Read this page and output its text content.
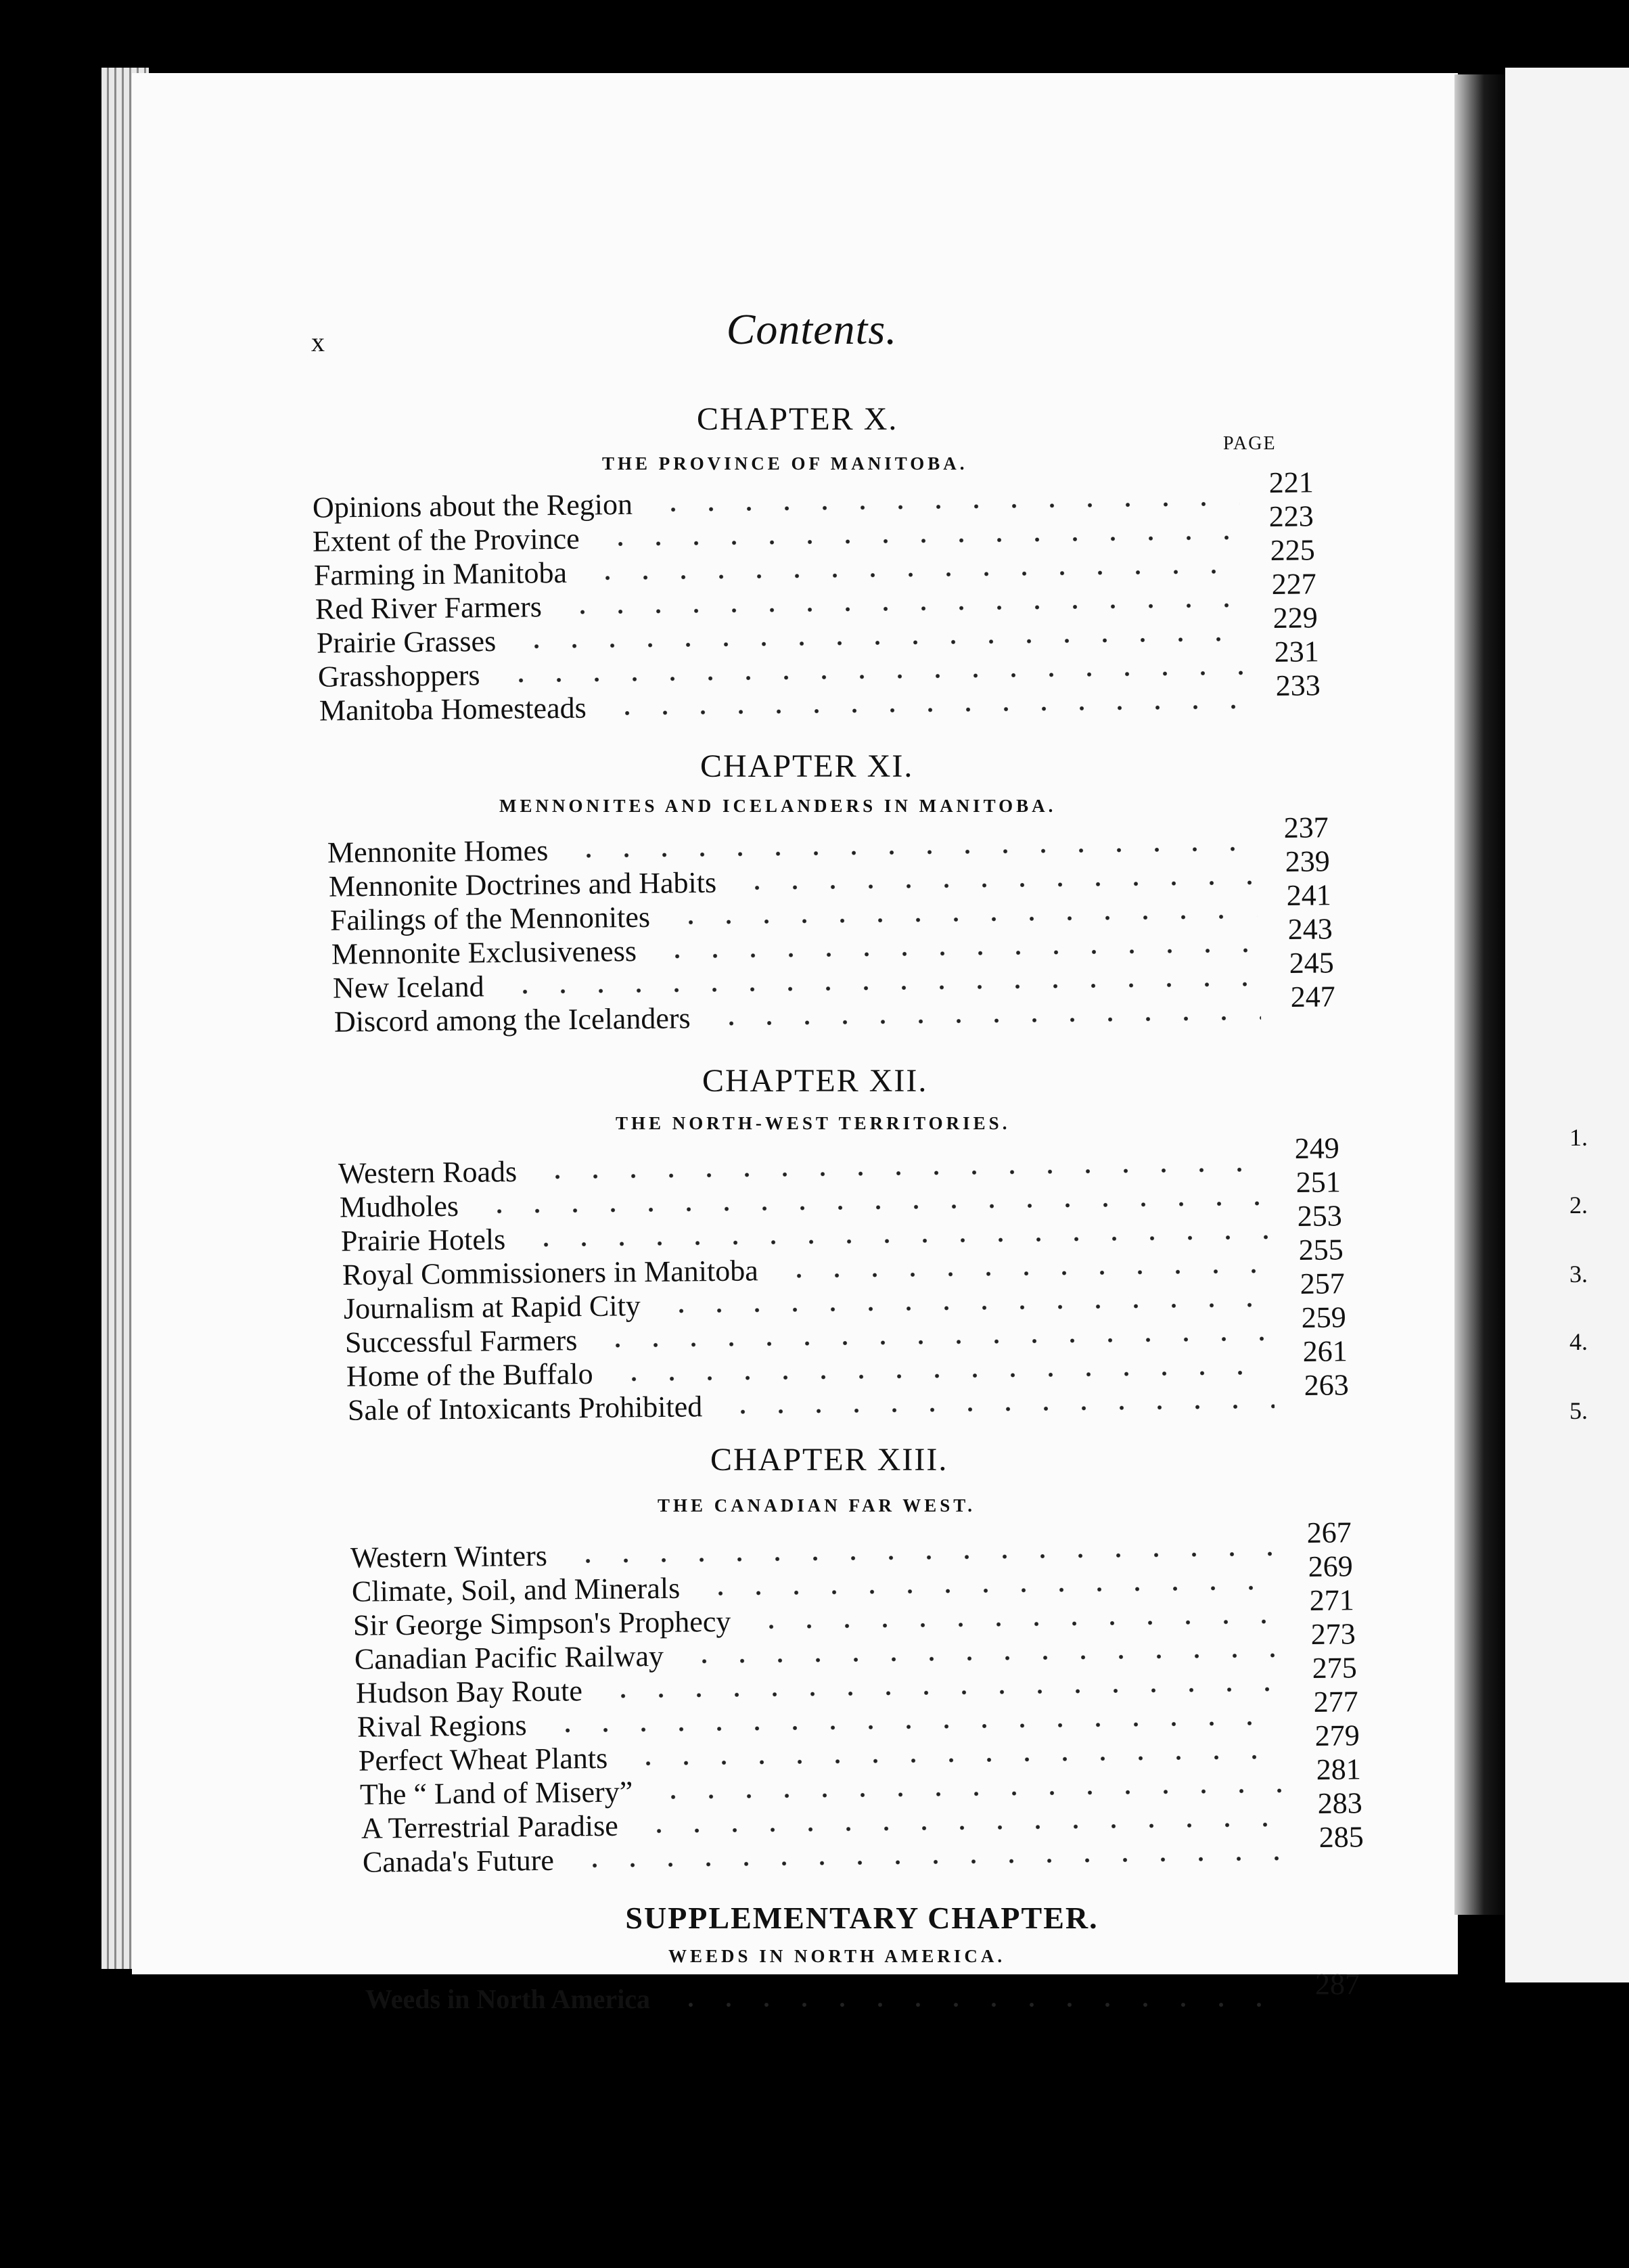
1.
2.
3.
4.
5.
x	Contents.
PAGE
CHAPTER X.
THE PROVINCE OF MANITOBA.
Opinions about the Region
221
Extent of the Province
223
Farming in Manitoba
225
Red River Farmers
227
Prairie Grasses
229
Grasshoppers
231
Manitoba Homesteads
233
CHAPTER XI.
MENNONITES AND ICELANDERS IN MANITOBA.
Mennonite Homes
237
Mennonite Doctrines and Habits
239
Failings of the Mennonites
241
Mennonite Exclusiveness
243
New Iceland
245
Discord among the Icelanders
247
CHAPTER XII.
THE NORTH-WEST TERRITORIES.
Western Roads
249
Mudholes
251
Prairie Hotels
253
Royal Commissioners in Manitoba
255
Journalism at Rapid City
257
Successful Farmers
259
Home of the Buffalo
261
Sale of Intoxicants Prohibited
263
CHAPTER XIII.
THE CANADIAN FAR WEST.
Western Winters
267
Climate, Soil, and Minerals
269
Sir George Simpson's Prophecy
271
Canadian Pacific Railway
273
Hudson Bay Route
275
Rival Regions
277
Perfect Wheat Plants
279
The “ Land of Misery”
281
A Terrestrial Paradise
283
Canada's Future
285
SUPPLEMENTARY CHAPTER.
WEEDS IN NORTH AMERICA.
Weeds in North America	287
